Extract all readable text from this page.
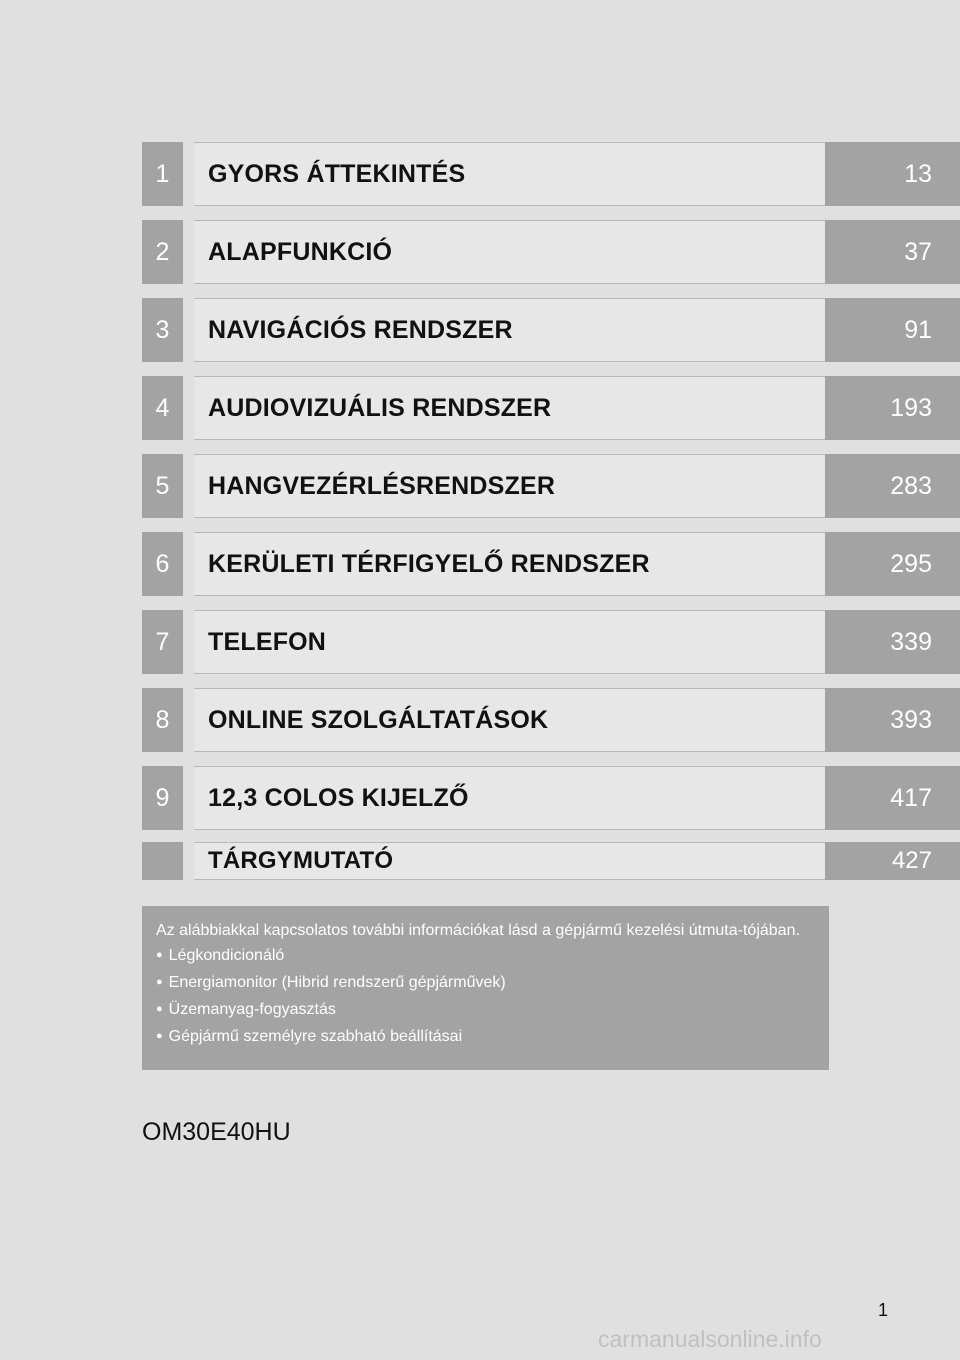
1	GYORS ÁTTEKINTÉS	13
2	ALAPFUNKCIÓ	37
3	NAVIGÁCIÓS RENDSZER	91
4	AUDIOVIZUÁLIS RENDSZER	193
5	HANGVEZÉRLÉSRENDSZER	283
6	KERÜLETI TÉRFIGYELŐ RENDSZER	295
7	TELEFON	339
8	ONLINE SZOLGÁLTATÁSOK	393
9	12,3 COLOS KIJELZŐ	417
TÁRGYMUTATÓ	427
Az alábbiakkal kapcsolatos további információkat lásd a gépjármű kezelési útmuta-tójában.
● Légkondicionáló
● Energiamonitor (Hibrid rendszerű gépjárművek)
● Üzemanyag-fogyasztás
● Gépjármű személyre szabható beállításai
OM30E40HU
1
carmanualsonline.info
